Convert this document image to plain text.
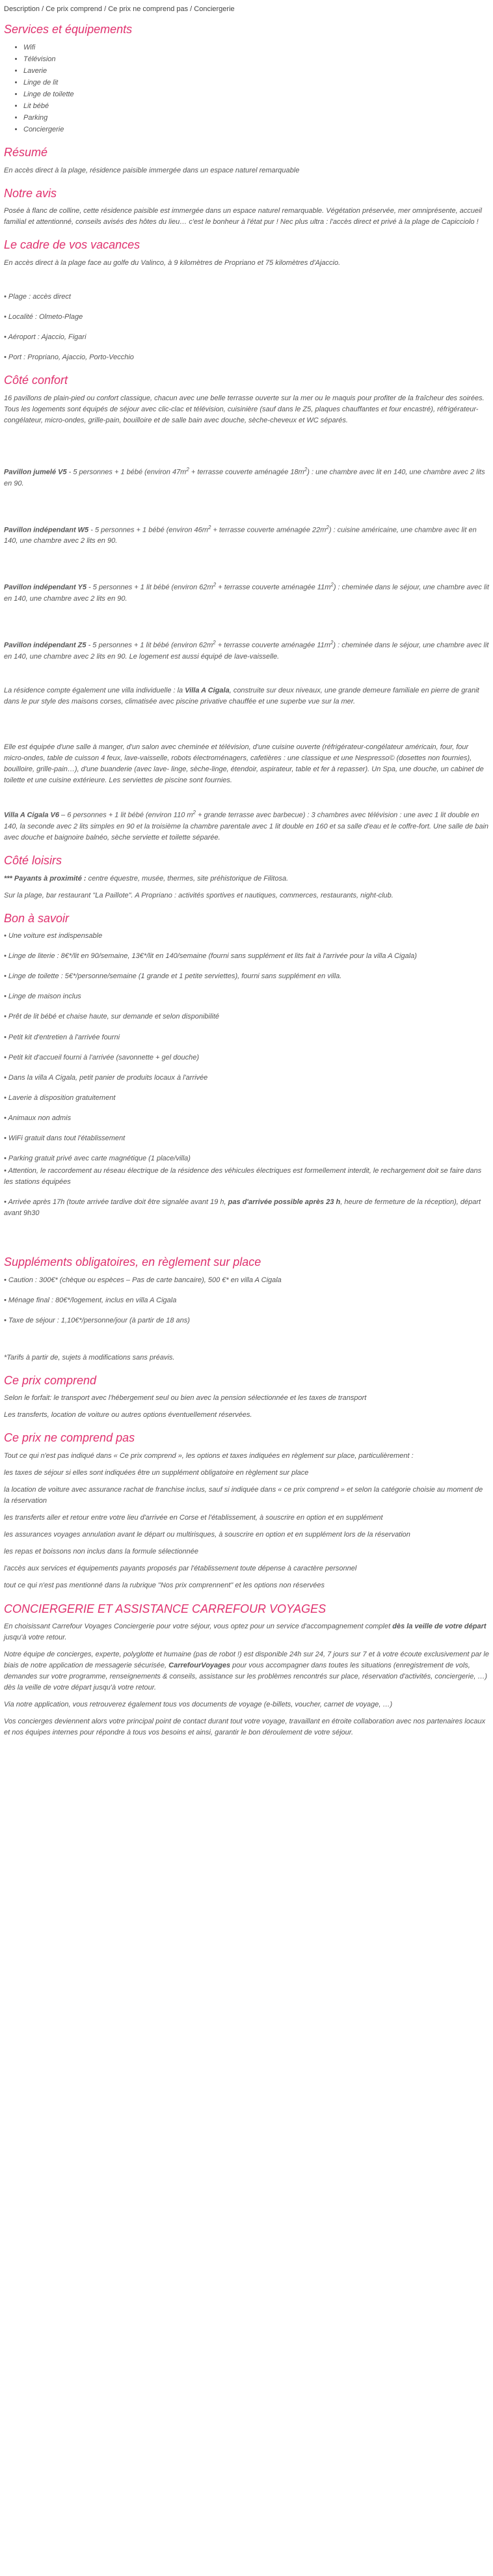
Description / Ce prix comprend / Ce prix ne comprend pas / Conciergerie
Services et équipements
• Wifi
• Télévision
• Laverie
• Linge de lit
• Linge de toilette
• Lit bébé
• Parking
• Conciergerie
Résumé

En accès direct à la plage, résidence paisible immergée dans un espace naturel remarquable

Notre avis

Posée à flanc de colline, cette résidence paisible est immergée dans un espace naturel remarquable. Végétation préservée, mer omniprésente, accueil familial et attentionné, conseils avisés des hôtes du lieu… c'est le bonheur à l'état pur ! Nec plus ultra : l'accès direct et privé à la plage de Capicciolo !

Le cadre de vos vacances

En accès direct à la plage face au golfe du Valinco, à 9 kilomètres de Propriano et 75 kilomètres d'Ajaccio.

• Plage : accès direct

• Localité : Olmeto-Plage

• Aéroport : Ajaccio, Figari

• Port : Propriano, Ajaccio, Porto-Vecchio

Côté confort

16 pavillons de plain-pied ou confort classique, chacun avec une belle terrasse ouverte sur la mer ou le maquis pour profiter de la fraîcheur des soirées. Tous les logements sont équipés de séjour avec clic-clac et télévision, cuisinière (sauf dans le Z5, plaques chauffantes et four encastré), réfrigérateur-congélateur, micro-ondes, grille-pain, bouilloire et de salle bain avec douche, sèche-cheveux et WC séparés.

Pavillon jumelé V5 - 5 personnes + 1 bébé (environ $47m^2$ + terrasse couverte aménagée $18m^2$) : une chambre avec lit en 140, une chambre avec 2 lits en 90.

Pavillon indépendant W5 - 5 personnes + 1 bébé (environ $46m^2$ + terrasse couverte aménagée $22m^2$) : cuisine américaine, une chambre avec lit en 140, une chambre avec 2 lits en 90.

Pavillon indépendant Y5 - 5 personnes + 1 lit bébé (environ $62m^2$ + terrasse couverte aménagée $11m^2$) : cheminée dans le séjour, une chambre avec lit en 140, une chambre avec 2 lits en 90.

Pavillon indépendant Z5 - 5 personnes + 1 lit bébé (environ $62m^2$ + terrasse couverte aménagée $11m^2$) : cheminée dans le séjour, une chambre avec lit en 140, une chambre avec 2 lits en 90. Le logement est aussi équipé de lave-vaisselle.

La résidence compte également une villa individuelle : la Villa A Cigala, construite sur deux niveaux, une grande demeure familiale en pierre de granit dans le pur style des maisons corses, climatisée avec piscine privative chauffée et une superbe vue sur la mer.

Elle est équipée d'une salle à manger, d'un salon avec cheminée et télévision, d'une cuisine ouverte (réfrigérateur-congélateur américain, four, four micro-ondes, table de cuisson 4 feux, lave-vaisselle, robots électroménagers, cafetières : une classique et une Nespresso© (dosettes non fournies), bouilloire, grille-pain…), d'une buanderie (avec lave- linge, sèche-linge, étendoir, aspirateur, table et fer à repasser). Un Spa, une douche, un cabinet de toilette et une cuisine extérieure. Les serviettes de piscine sont fournies.

Villa A Cigala V6 – 6 personnes + 1 lit bébé (environ 110 $m^2$ + grande terrasse avec barbecue) : 3 chambres avec télévision : une avec 1 lit double en 140, la seconde avec 2 lits simples en 90 et la troisième la chambre parentale avec 1 lit double en 160 et sa salle d'eau et le coffre-fort. Une salle de bain avec douche et baignoire balnéo, sèche serviette et toilette séparée.

Côté loisirs

*** Payants à proximité : centre équestre, musée, thermes, site préhistorique de Filitosa.

Sur la plage, bar restaurant "La Paillote". A Propriano : activités sportives et nautiques, commerces, restaurants, night-club.

Bon à savoir

• Une voiture est indispensable

• Linge de literie : 8€*/lit en 90/semaine, 13€*/lit en 140/semaine (fourni sans supplément et lits fait à l'arrivée pour la villa A Cigala)

• Linge de toilette : 5€*/personne/semaine (1 grande et 1 petite serviettes), fourni sans supplément en villa.

• Linge de maison inclus

• Prêt de lit bébé et chaise haute, sur demande et selon disponibilité

• Petit kit d'entretien à l'arrivée fourni

• Petit kit d'accueil fourni à l'arrivée (savonnette + gel douche)

• Dans la villa A Cigala, petit panier de produits locaux à l'arrivée

• Laverie à disposition gratuitement

• Animaux non admis

• WiFi gratuit dans tout l'établissement

• Parking gratuit privé avec carte magnétique (1 place/villa)

• Attention, le raccordement au réseau électrique de la résidence des véhicules électriques est formellement interdit, le rechargement doit se faire dans les stations équipées

• Arrivée après 17h (toute arrivée tardive doit être signalée avant 19 h, pas d'arrivée possible après 23 h, heure de fermeture de la réception), départ avant 9h30

Suppléments obligatoires, en règlement sur place

• Caution : 300€* (chèque ou espèces – Pas de carte bancaire), 500 €* en villa A Cigala

• Ménage final : 80€*/logement, inclus en villa A Cigala

• Taxe de séjour : 1,10€*/personne/jour (à partir de 18 ans)

*Tarifs à partir de, sujets à modifications sans préavis.

Ce prix comprend

Selon le forfait: le transport avec l'hébergement seul ou bien avec la pension sélectionnée et les taxes de transport

Les transferts, location de voiture ou autres options éventuellement réservées.

Ce prix ne comprend pas

Tout ce qui n'est pas indiqué dans « Ce prix comprend », les options et taxes indiquées en règlement sur place, particulièrement :

les taxes de séjour si elles sont indiquées être un supplément obligatoire en règlement sur place

la location de voiture avec assurance rachat de franchise inclus, sauf si indiquée dans « ce prix comprend » et selon la catégorie choisie au moment de la réservation

les transferts aller et retour entre votre lieu d'arrivée en Corse et l'établissement, à souscrire en option et en supplément

les assurances voyages annulation avant le départ ou multirisques, à souscrire en option et en supplément lors de la réservation

les repas et boissons non inclus dans la formule sélectionnée

l'accès aux services et équipements payants proposés par l'établissement toute dépense à caractère personnel

tout ce qui n'est pas mentionné dans la rubrique "Nos prix comprennent" et les options non réservées

CONCIERGERIE ET ASSISTANCE CARREFOUR VOYAGES

En choisissant Carrefour Voyages Conciergerie pour votre séjour, vous optez pour un service d'accompagnement complet dès la veille de votre départ jusqu'à votre retour.

Notre équipe de concierges, experte, polyglotte et humaine (pas de robot !) est disponible 24h sur 24, 7 jours sur 7 et à votre écoute exclusivement par le biais de notre application de messagerie sécurisée, CarrefourVoyages pour vous accompagner dans toutes les situations (enregistrement de vols, demandes sur votre programme, renseignements & conseils, assistance sur les problèmes rencontrés sur place, réservation d'activités, conciergerie, …) dès la veille de votre départ jusqu'à votre retour.

Via notre application, vous retrouverez également tous vos documents de voyage (e-billets, voucher, carnet de voyage, …)

Vos concierges deviennent alors votre principal point de contact durant tout votre voyage, travaillant en étroite collaboration avec nos partenaires locaux et nos équipes internes pour répondre à tous vos besoins et ainsi, garantir le bon déroulement de votre séjour.
